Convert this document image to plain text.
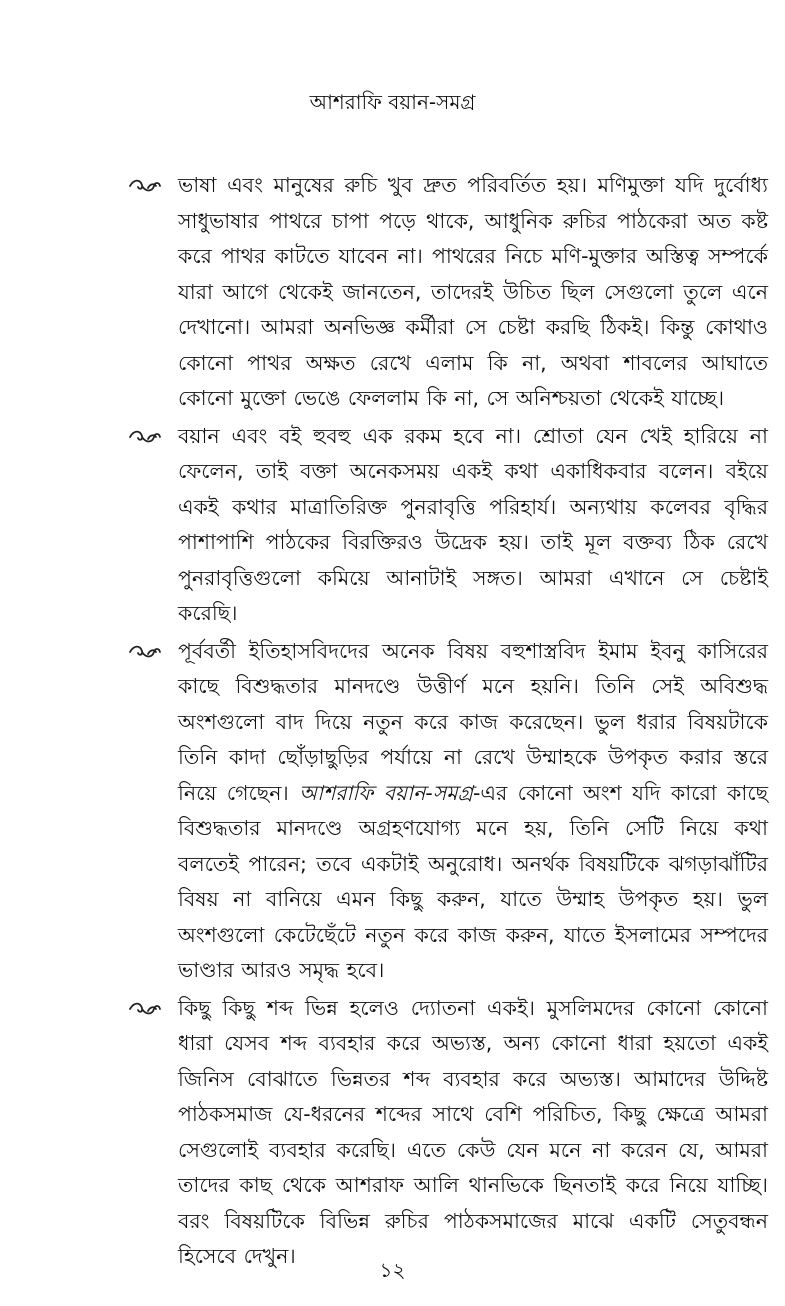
আশরাফি বয়ান-সমগ্র
ভাষা এবং মানুষের রুচি খুব দ্রুত পরিবর্তিত হয়। মণিমুক্তা যদি দুর্বোধ্য সাধুভাষার পাথরে চাপা পড়ে থাকে, আধুনিক রুচির পাঠকেরা অত কষ্ট করে পাথর কাটতে যাবেন না। পাথরের নিচে মণি-মুক্তার অস্তিত্ব সম্পর্কে যারা আগে থেকেই জানতেন, তাদেরই উচিত ছিল সেগুলো তুলে এনে দেখানো। আমরা অনভিজ্ঞ কর্মীরা সে চেষ্টা করছি ঠিকই। কিন্তু কোথাও কোনো পাথর অক্ষত রেখে এলাম কি না, অথবা শাবলের আঘাতে কোনো মুক্তো ভেঙে ফেললাম কি না, সে অনিশ্চয়তা থেকেই যাচ্ছে।
বয়ান এবং বই হুবহু এক রকম হবে না। শ্রোতা যেন খেই হারিয়ে না ফেলেন, তাই বক্তা অনেকসময় একই কথা একাধিকবার বলেন। বইয়ে একই কথার মাত্রাতিরিক্ত পুনরাবৃত্তি পরিহার্য। অন্যথায় কলেবর বৃদ্ধির পাশাপাশি পাঠকের বিরক্তিরও উদ্রেক হয়। তাই মূল বক্তব্য ঠিক রেখে পুনরাবৃত্তিগুলো কমিয়ে আনাটাই সঙ্গত। আমরা এখানে সে চেষ্টাই করেছি।
পূর্ববর্তী ইতিহাসবিদদের অনেক বিষয় বহুশাস্ত্রবিদ ইমাম ইবনু কাসিরের কাছে বিশুদ্ধতার মানদণ্ডে উত্তীর্ণ মনে হয়নি। তিনি সেই অবিশুদ্ধ অংশগুলো বাদ দিয়ে নতুন করে কাজ করেছেন। ভুল ধরার বিষয়টাকে তিনি কাদা ছোঁড়াছুড়ির পর্যায়ে না রেখে উম্মাহকে উপকৃত করার স্তরে নিয়ে গেছেন। আশরাফি বয়ান-সমগ্র-এর কোনো অংশ যদি কারো কাছে বিশুদ্ধতার মানদণ্ডে অগ্রহণযোগ্য মনে হয়, তিনি সেটি নিয়ে কথা বলতেই পারেন; তবে একটাই অনুরোধ। অনর্থক বিষয়টিকে ঝগড়াঝাঁটির বিষয় না বানিয়ে এমন কিছু করুন, যাতে উম্মাহ উপকৃত হয়। ভুল অংশগুলো কেটেছেঁটে নতুন করে কাজ করুন, যাতে ইসলামের সম্পদের ভাণ্ডার আরও সমৃদ্ধ হবে।
কিছু কিছু শব্দ ভিন্ন হলেও দ্যোতনা একই। মুসলিমদের কোনো কোনো ধারা যেসব শব্দ ব্যবহার করে অভ্যস্ত, অন্য কোনো ধারা হয়তো একই জিনিস বোঝাতে ভিন্নতর শব্দ ব্যবহার করে অভ্যস্ত। আমাদের উদ্দিষ্ট পাঠকসমাজ যে-ধরনের শব্দের সাথে বেশি পরিচিত, কিছু ক্ষেত্রে আমরা সেগুলোই ব্যবহার করেছি। এতে কেউ যেন মনে না করেন যে, আমরা তাদের কাছ থেকে আশরাফ আলি থানভিকে ছিনতাই করে নিয়ে যাচ্ছি। বরং বিষয়টিকে বিভিন্ন রুচির পাঠকসমাজের মাঝে একটি সেতুবন্ধন হিসেবে দেখুন।
১২
